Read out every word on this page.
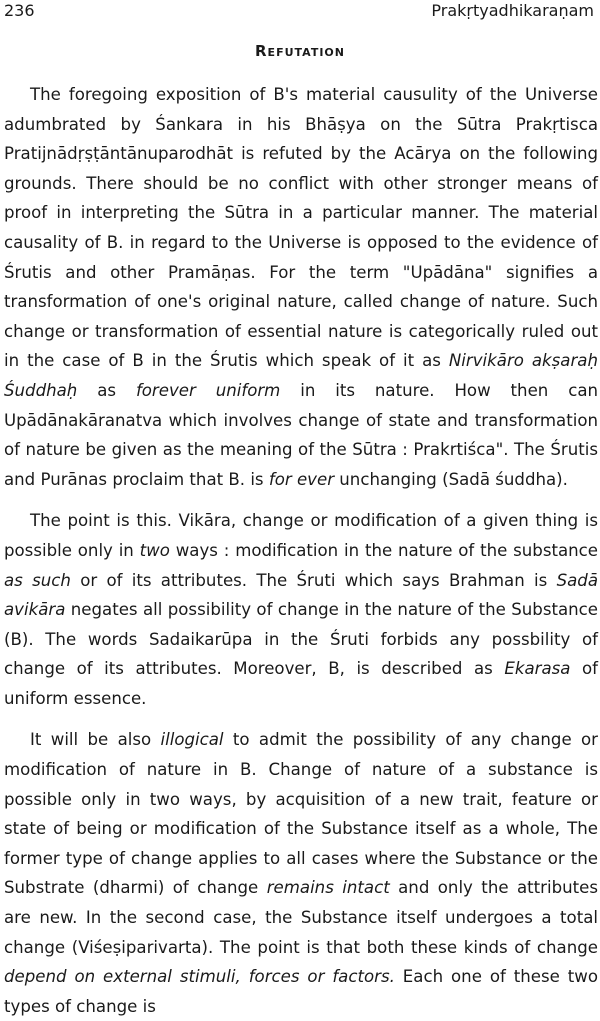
236	Prakṛtyadhikaraṇam
Refutation

The foregoing exposition of B's material causulity of the Universe adumbrated by Śankara in his Bhāṣya on the Sūtra Prakṛtisca Pratijnādṛṣṭāntānuparodhāt is refuted by the Acārya on the following grounds. There should be no conflict with other stronger means of proof in interpreting the Sūtra in a particular manner. The material causality of B. in regard to the Universe is opposed to the evidence of Śrutis and other Pramāṇas. For the term "Upādāna" signifies a transformation of one's original nature, called change of nature. Such change or transformation of essential nature is categorically ruled out in the case of B in the Śrutis which speak of it as Nirvikāro akṣaraḥ Śuddhaḥ as forever uniform in its nature. How then can Upādānakāranatva which involves change of state and transformation of nature be given as the meaning of the Sūtra : Prakrtiśca". The Śrutis and Purānas proclaim that B. is for ever unchanging (Sadā śuddha).

The point is this. Vikāra, change or modification of a given thing is possible only in two ways : modification in the nature of the substance as such or of its attributes. The Śruti which says Brahman is Sadā avikāra negates all possibility of change in the nature of the Substance (B). The words Sadaikarūpa in the Śruti forbids any possbility of change of its attributes. Moreover, B, is described as Ekarasa of uniform essence.

It will be also illogical to admit the possibility of any change or modification of nature in B. Change of nature of a substance is possible only in two ways, by acquisition of a new trait, feature or state of being or modification of the Substance itself as a whole, The former type of change applies to all cases where the Substance or the Substrate (dharmi) of change remains intact and only the attributes are new. In the second case, the Substance itself undergoes a total change (Viśeṣiparivarta). The point is that both these kinds of change depend on external stimuli, forces or factors. Each one of these two types of change is
